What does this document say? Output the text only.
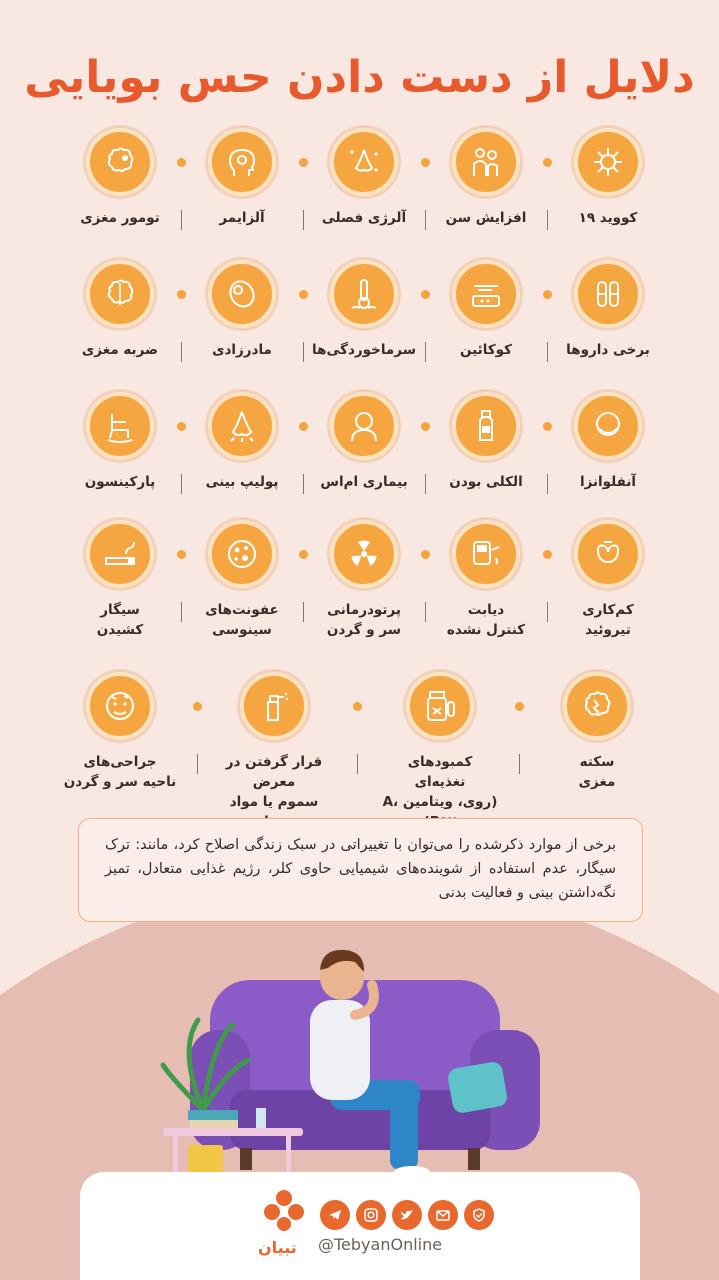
دلایل از دست دادن حس بویایی
کووید ۱۹
افزایش سن
آلرژی فصلی
آلزایمر
تومور مغزی
برخی داروها
کوکائین
سرماخوردگی‌ها
مادرزادی
ضربه مغزی
آنفلوانزا
الکلی بودن
بیماری ام‌اس
پولیپ بینی
پارکینسون
کم‌کاری
تیروئید
دیابت
کنترل نشده
پرتودرمانی
سر و گردن
عفونت‌های
سینوسی
سیگار
کشیدن
سکته
مغزی
کمبودهای تغذیه‌ای
(روی، ویتامین A،
قرار گرفتن در معرض
سموم یا مواد
جراحی‌های
ناحیه سر و گردن
برخی از موارد ذکرشده را می‌توان با تغییراتی در سبک زندگی اصلاح کرد، مانند: ترک سیگار، عدم استفاده از شوینده‌های شیمیایی حاوی کلر، رژیم غذایی متعادل، تمیز نگه‌داشتن بینی و فعالیت بدنی
تبیان @TebyanOnline
